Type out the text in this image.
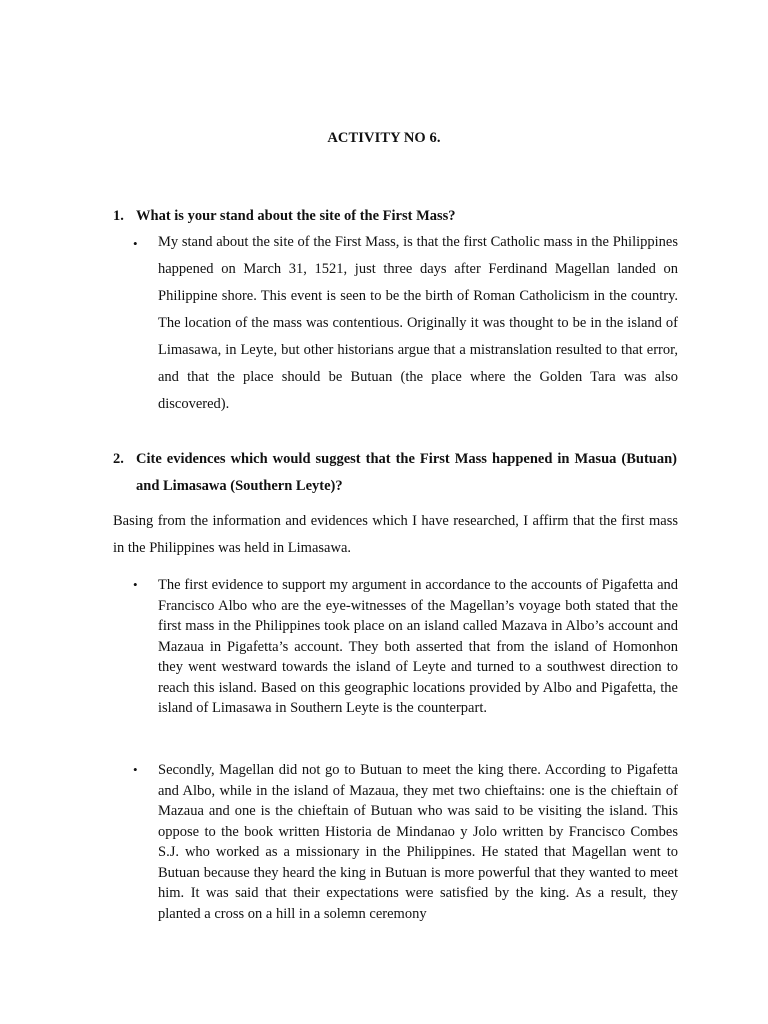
ACTIVITY NO 6.
1. What is your stand about the site of the First Mass?
• My stand about the site of the First Mass, is that the first Catholic mass in the Philippines happened on March 31, 1521, just three days after Ferdinand Magellan landed on Philippine shore. This event is seen to be the birth of Roman Catholicism in the country. The location of the mass was contentious. Originally it was thought to be in the island of Limasawa, in Leyte, but other historians argue that a mistranslation resulted to that error, and that the place should be Butuan (the place where the Golden Tara was also discovered).
2. Cite evidences which would suggest that the First Mass happened in Masua (Butuan) and Limasawa (Southern Leyte)?
Basing from the information and evidences which I have researched, I affirm that the first mass in the Philippines was held in Limasawa.
• The first evidence to support my argument in accordance to the accounts of Pigafetta and Francisco Albo who are the eye-witnesses of the Magellan’s voyage both stated that the first mass in the Philippines took place on an island called Mazava in Albo’s account and Mazaua in Pigafetta’s account. They both asserted that from the island of Homonhon they went westward towards the island of Leyte and turned to a southwest direction to reach this island. Based on this geographic locations provided by Albo and Pigafetta, the island of Limasawa in Southern Leyte is the counterpart.
• Secondly, Magellan did not go to Butuan to meet the king there. According to Pigafetta and Albo, while in the island of Mazaua, they met two chieftains: one is the chieftain of Mazaua and one is the chieftain of Butuan who was said to be visiting the island. This oppose to the book written Historia de Mindanao y Jolo written by Francisco Combes S.J. who worked as a missionary in the Philippines. He stated that Magellan went to Butuan because they heard the king in Butuan is more powerful that they wanted to meet him. It was said that their expectations were satisfied by the king. As a result, they planted a cross on a hill in a solemn ceremony
